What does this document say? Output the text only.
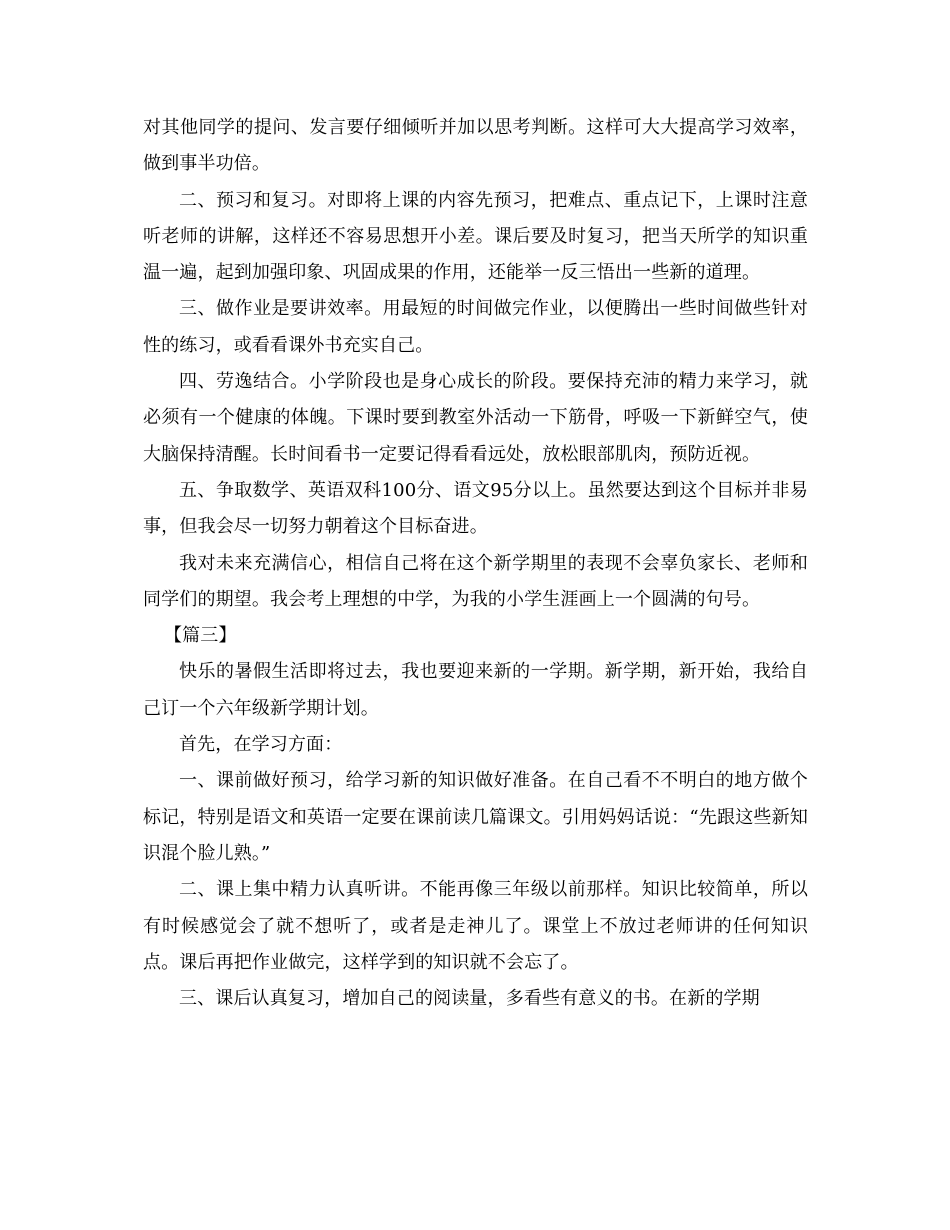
对其他同学的提问、发言要仔细倾听并加以思考判断。这样可大大提高学习效率，做到事半功倍。

二、预习和复习。对即将上课的内容先预习，把难点、重点记下，上课时注意听老师的讲解，这样还不容易思想开小差。课后要及时复习，把当天所学的知识重温一遍，起到加强印象、巩固成果的作用，还能举一反三悟出一些新的道理。

三、做作业是要讲效率。用最短的时间做完作业，以便腾出一些时间做些针对性的练习，或看看课外书充实自己。

四、劳逸结合。小学阶段也是身心成长的阶段。要保持充沛的精力来学习，就必须有一个健康的体魄。下课时要到教室外活动一下筋骨，呼吸一下新鲜空气，使大脑保持清醒。长时间看书一定要记得看看远处，放松眼部肌肉，预防近视。

五、争取数学、英语双科100分、语文95分以上。虽然要达到这个目标并非易事，但我会尽一切努力朝着这个目标奋进。

我对未来充满信心，相信自己将在这个新学期里的表现不会辜负家长、老师和同学们的期望。我会考上理想的中学，为我的小学生涯画上一个圆满的句号。

【篇三】

快乐的暑假生活即将过去，我也要迎来新的一学期。新学期，新开始，我给自己订一个六年级新学期计划。

首先，在学习方面：

一、课前做好预习，给学习新的知识做好准备。在自己看不不明白的地方做个标记，特别是语文和英语一定要在课前读几篇课文。引用妈妈话说：“先跟这些新知识混个脸儿熟。”

二、课上集中精力认真听讲。不能再像三年级以前那样。知识比较简单，所以有时候感觉会了就不想听了，或者是走神儿了。课堂上不放过老师讲的任何知识点。课后再把作业做完，这样学到的知识就不会忘了。

三、课后认真复习，增加自己的阅读量，多看些有意义的书。在新的学期
